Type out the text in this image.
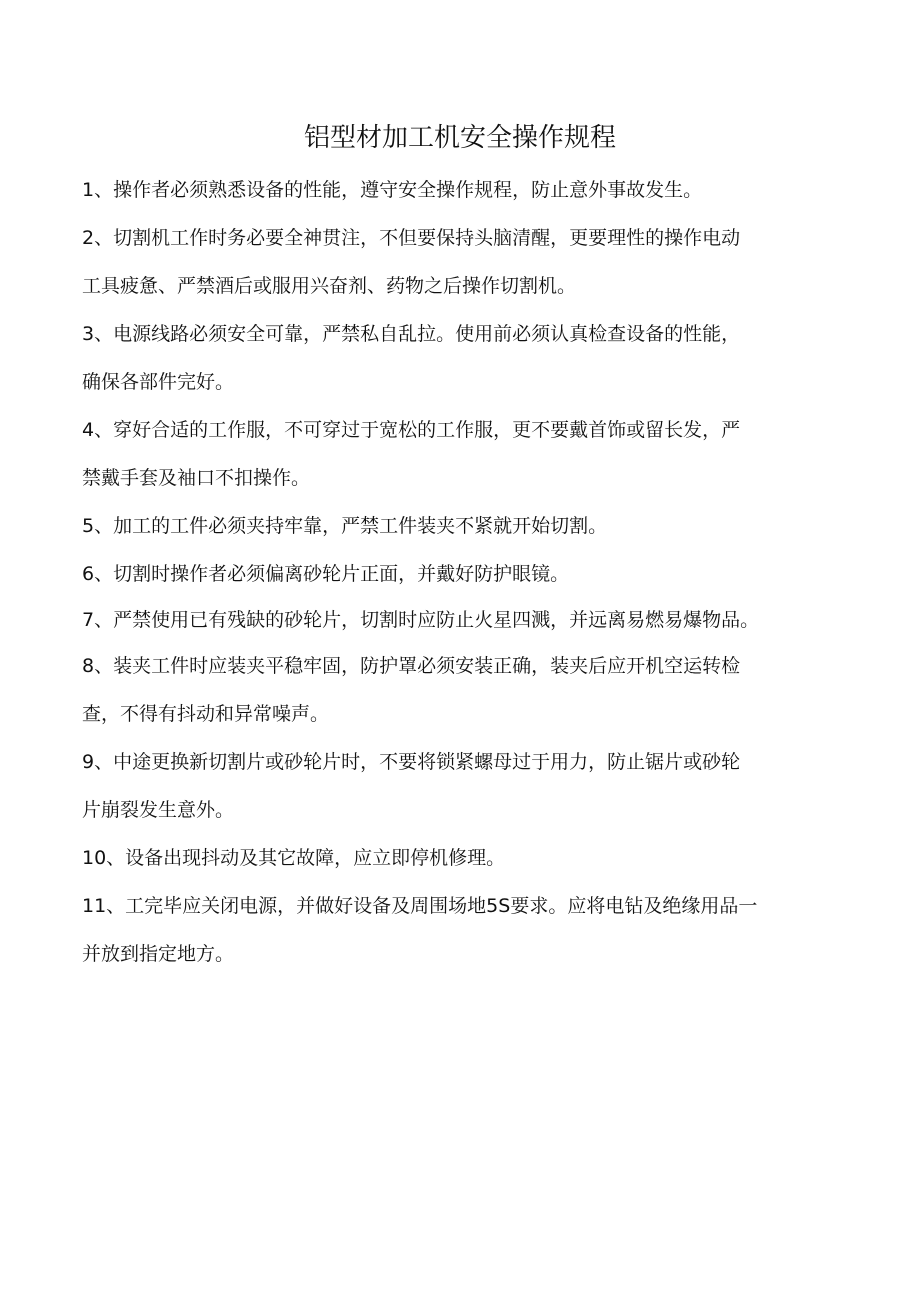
铝型材加工机安全操作规程
1、操作者必须熟悉设备的性能，遵守安全操作规程，防止意外事故发生。
2、切割机工作时务必要全神贯注，不但要保持头脑清醒，更要理性的操作电动
工具疲惫、严禁酒后或服用兴奋剂、药物之后操作切割机。
3、电源线路必须安全可靠，严禁私自乱拉。使用前必须认真检查设备的性能，
确保各部件完好。
4、穿好合适的工作服，不可穿过于宽松的工作服，更不要戴首饰或留长发，严
禁戴手套及袖口不扣操作。
5、加工的工件必须夹持牢靠，严禁工件装夹不紧就开始切割。
6、切割时操作者必须偏离砂轮片正面，并戴好防护眼镜。
7、严禁使用已有残缺的砂轮片，切割时应防止火星四溅，并远离易燃易爆物品。
8、装夹工件时应装夹平稳牢固，防护罩必须安装正确，装夹后应开机空运转检
查，不得有抖动和异常噪声。
9、中途更换新切割片或砂轮片时，不要将锁紧螺母过于用力，防止锯片或砂轮
片崩裂发生意外。
10、设备出现抖动及其它故障，应立即停机修理。
11、工完毕应关闭电源，并做好设备及周围场地5S要求。应将电钻及绝缘用品一
并放到指定地方。
